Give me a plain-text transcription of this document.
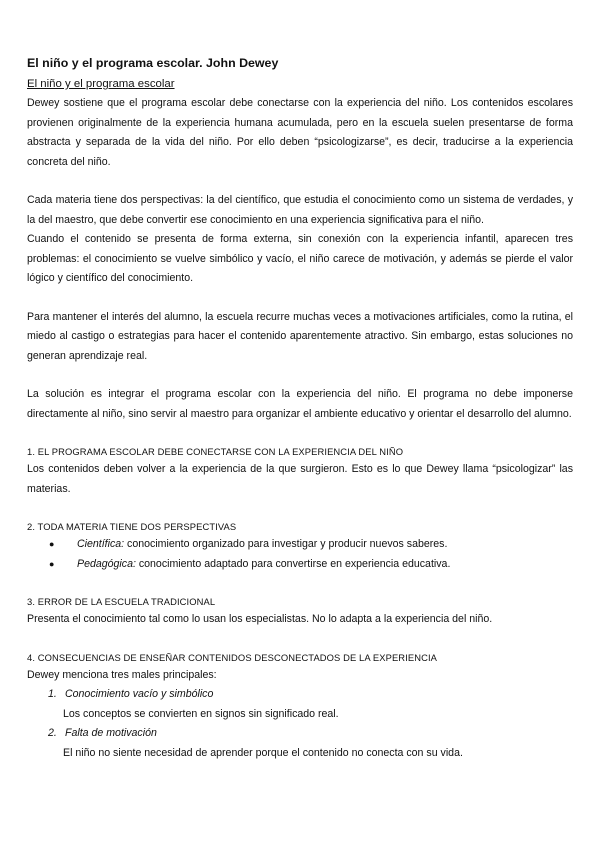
El niño y el programa escolar. John Dewey
El niño y el programa escolar

Dewey sostiene que el programa escolar debe conectarse con la experiencia del niño. Los contenidos escolares provienen originalmente de la experiencia humana acumulada, pero en la escuela suelen presentarse de forma abstracta y separada de la vida del niño. Por ello deben “psicologizarse”, es decir, traducirse a la experiencia concreta del niño.

Cada materia tiene dos perspectivas: la del científico, que estudia el conocimiento como un sistema de verdades, y la del maestro, que debe convertir ese conocimiento en una experiencia significativa para el niño.

Cuando el contenido se presenta de forma externa, sin conexión con la experiencia infantil, aparecen tres problemas: el conocimiento se vuelve simbólico y vacío, el niño carece de motivación, y además se pierde el valor lógico y científico del conocimiento.

Para mantener el interés del alumno, la escuela recurre muchas veces a motivaciones artificiales, como la rutina, el miedo al castigo o estrategias para hacer el contenido aparentemente atractivo. Sin embargo, estas soluciones no generan aprendizaje real.

La solución es integrar el programa escolar con la experiencia del niño. El programa no debe imponerse directamente al niño, sino servir al maestro para organizar el ambiente educativo y orientar el desarrollo del alumno.

1. EL PROGRAMA ESCOLAR DEBE CONECTARSE CON LA EXPERIENCIA DEL NIÑO

Los contenidos deben volver a la experiencia de la que surgieron. Esto es lo que Dewey llama “psicologizar” las materias.

2. TODA MATERIA TIENE DOS PERSPECTIVAS
● Científica: conocimiento organizado para investigar y producir nuevos saberes.
● Pedagógica: conocimiento adaptado para convertirse en experiencia educativa.
3. ERROR DE LA ESCUELA TRADICIONAL

Presenta el conocimiento tal como lo usan los especialistas. No lo adapta a la experiencia del niño.

4. CONSECUENCIAS DE ENSEÑAR CONTENIDOS DESCONECTADOS DE LA EXPERIENCIA

Dewey menciona tres males principales:

1. Conocimiento vacío y simbólico
Los conceptos se convierten en signos sin significado real.
2. Falta de motivación
El niño no siente necesidad de aprender porque el contenido no conecta con su vida.
